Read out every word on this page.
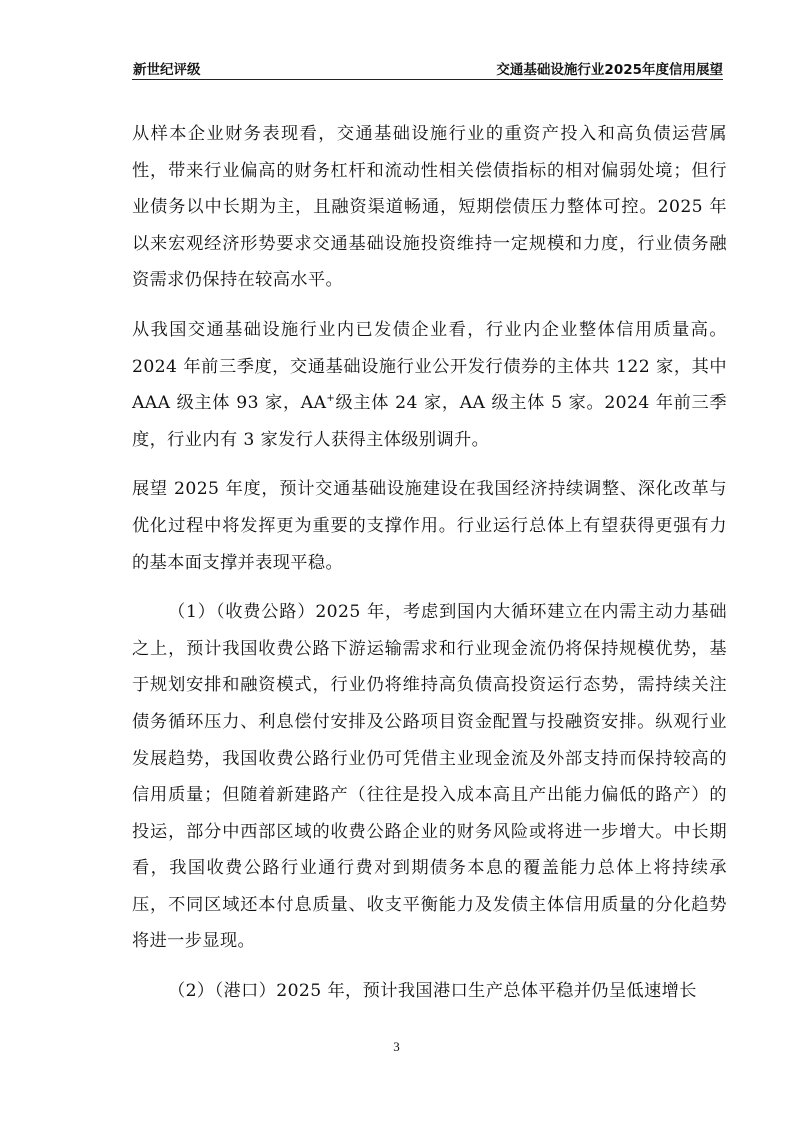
新世纪评级	交通基础设施行业2025年度信用展望

从样本企业财务表现看，交通基础设施行业的重资产投入和高负债运营属性，带来行业偏高的财务杠杆和流动性相关偿债指标的相对偏弱处境；但行业债务以中长期为主，且融资渠道畅通，短期偿债压力整体可控。2025 年以来宏观经济形势要求交通基础设施投资维持一定规模和力度，行业债务融资需求仍保持在较高水平。

从我国交通基础设施行业内已发债企业看，行业内企业整体信用质量高。2024 年前三季度，交通基础设施行业公开发行债券的主体共 122 家，其中 AAA 级主体 93 家，AA+级主体 24 家，AA 级主体 5 家。2024 年前三季度，行业内有 3 家发行人获得主体级别调升。

展望 2025 年度，预计交通基础设施建设在我国经济持续调整、深化改革与优化过程中将发挥更为重要的支撑作用。行业运行总体上有望获得更强有力的基本面支撑并表现平稳。

（1）（收费公路）2025 年，考虑到国内大循环建立在内需主动力基础之上，预计我国收费公路下游运输需求和行业现金流仍将保持规模优势，基于规划安排和融资模式，行业仍将维持高负债高投资运行态势，需持续关注债务循环压力、利息偿付安排及公路项目资金配置与投融资安排。纵观行业发展趋势，我国收费公路行业仍可凭借主业现金流及外部支持而保持较高的信用质量；但随着新建路产（往往是投入成本高且产出能力偏低的路产）的投运，部分中西部区域的收费公路企业的财务风险或将进一步增大。中长期看，我国收费公路行业通行费对到期债务本息的覆盖能力总体上将持续承压，不同区域还本付息质量、收支平衡能力及发债主体信用质量的分化趋势将进一步显现。

（2）（港口）2025 年，预计我国港口生产总体平稳并仍呈低速增长

3
